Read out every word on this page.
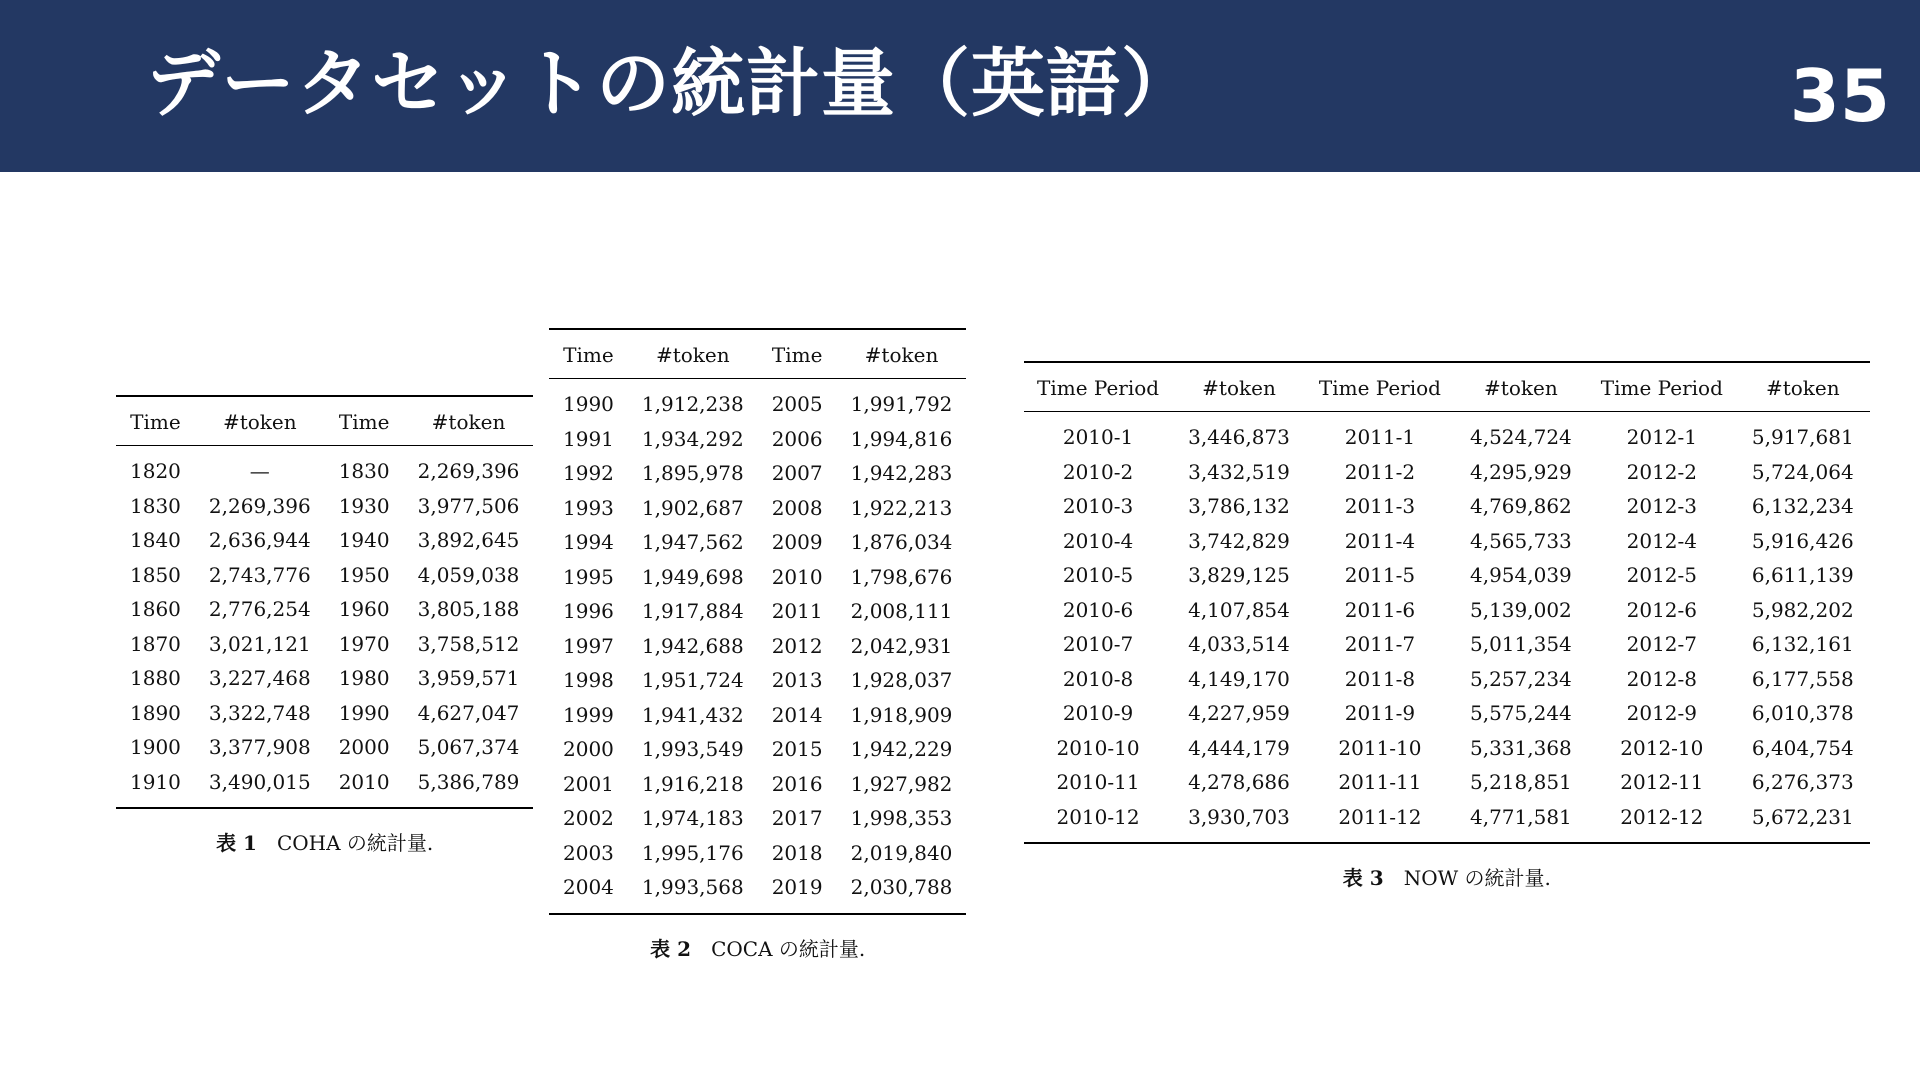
データセットの統計量（英語）	35
Time	#token	Time	#token
1820	—	1830	2,269,396
1830	2,269,396	1930	3,977,506
1840	2,636,944	1940	3,892,645
1850	2,743,776	1950	4,059,038
1860	2,776,254	1960	3,805,188
1870	3,021,121	1970	3,758,512
1880	3,227,468	1980	3,959,571
1890	3,322,748	1990	4,627,047
1900	3,377,908	2000	5,067,374
1910	3,490,015	2010	5,386,789
表 1 COHA の統計量.
Time	#token	Time	#token
1990	1,912,238	2005	1,991,792
1991	1,934,292	2006	1,994,816
1992	1,895,978	2007	1,942,283
1993	1,902,687	2008	1,922,213
1994	1,947,562	2009	1,876,034
1995	1,949,698	2010	1,798,676
1996	1,917,884	2011	2,008,111
1997	1,942,688	2012	2,042,931
1998	1,951,724	2013	1,928,037
1999	1,941,432	2014	1,918,909
2000	1,993,549	2015	1,942,229
2001	1,916,218	2016	1,927,982
2002	1,974,183	2017	1,998,353
2003	1,995,176	2018	2,019,840
2004	1,993,568	2019	2,030,788
表 2 COCA の統計量.
Time Period	#token	Time Period	#token	Time Period	#token
2010-1	3,446,873	2011-1	4,524,724	2012-1	5,917,681
2010-2	3,432,519	2011-2	4,295,929	2012-2	5,724,064
2010-3	3,786,132	2011-3	4,769,862	2012-3	6,132,234
2010-4	3,742,829	2011-4	4,565,733	2012-4	5,916,426
2010-5	3,829,125	2011-5	4,954,039	2012-5	6,611,139
2010-6	4,107,854	2011-6	5,139,002	2012-6	5,982,202
2010-7	4,033,514	2011-7	5,011,354	2012-7	6,132,161
2010-8	4,149,170	2011-8	5,257,234	2012-8	6,177,558
2010-9	4,227,959	2011-9	5,575,244	2012-9	6,010,378
2010-10	4,444,179	2011-10	5,331,368	2012-10	6,404,754
2010-11	4,278,686	2011-11	5,218,851	2012-11	6,276,373
2010-12	3,930,703	2011-12	4,771,581	2012-12	5,672,231
表 3 NOW の統計量.
